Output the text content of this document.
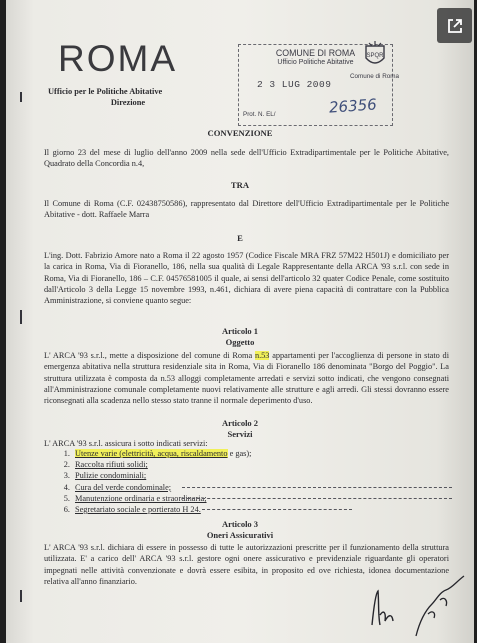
ROMA
Ufficio per le Politiche Abitative
Direzione
COMUNE DI ROMA
Ufficio Politiche Abitative
2 3 LUG 2009
Prot. N. EL/	26356
SPQR
Comune di Roma
CONVENZIONE
Il giorno 23 del mese di luglio dell'anno 2009 nella sede dell'Ufficio Extradipartimentale per le Politiche Abitative, Quadrato della Concordia n.4,
TRA
Il Comune di Roma (C.F. 02438750586), rappresentato dal Direttore dell'Ufficio Extradipartimentale per le Politiche Abitative - dott. Raffaele Marra
E
L'ing. Dott. Fabrizio Amore nato a Roma il 22 agosto 1957 (Codice Fiscale MRA FRZ 57M22 H501J) e domiciliato per la carica in Roma, Via di Fioranello, 186, nella sua qualità di Legale Rappresentante della ARCA '93 s.r.l. con sede in Roma, Via di Fioranello, 186 – C.F. 04576581005 il quale, ai sensi dell'articolo 32 quater Codice Penale, come sostituito dall'Articolo 3 della Legge 15 novembre 1993, n.461, dichiara di avere piena capacità di contrattare con la Pubblica Amministrazione, si conviene quanto segue:
Articolo 1
Oggetto
L' ARCA '93 s.r.l., mette a disposizione del comune di Roma n.53 appartamenti per l'accoglienza di persone in stato di emergenza abitativa nella struttura residenziale sita in Roma, Via di Fioranello 186 denominata "Borgo del Poggio". La struttura utilizzata è composta da n.53 alloggi completamente arredati e servizi sotto indicati, che vengono consegnati all'Amministrazione comunale completamente nuovi relativamente alle strutture e agli arredi. Gli stessi dovranno essere riconsegnati alla scadenza nello stesso stato tranne il normale deperimento d'uso.
Articolo 2
Servizi
L' ARCA '93 s.r.l. assicura i sotto indicati servizi:
1. Utenze varie (elettricità, acqua, riscaldamento e gas);
2. Raccolta rifiuti solidi;
3. Pulizie condominiali;
4. Cura del verde condominale;
5. Manutenzione ordinaria e straordinaria;
6. Segretariato sociale e portierato H 24.
Articolo 3
Oneri Assicurativi
L' ARCA '93 s.r.l. dichiara di essere in possesso di tutte le autorizzazioni prescritte per il funzionamento della struttura utilizzata. E' a carico dell' ARCA '93 s.r.l. gestore ogni onere assicurativo e previdenziale riguardante gli operatori impegnati nelle attività convenzionate e dovrà essere esibita, in proposito ed ove richiesta, idonea documentazione relativa all'anno finanziario.
